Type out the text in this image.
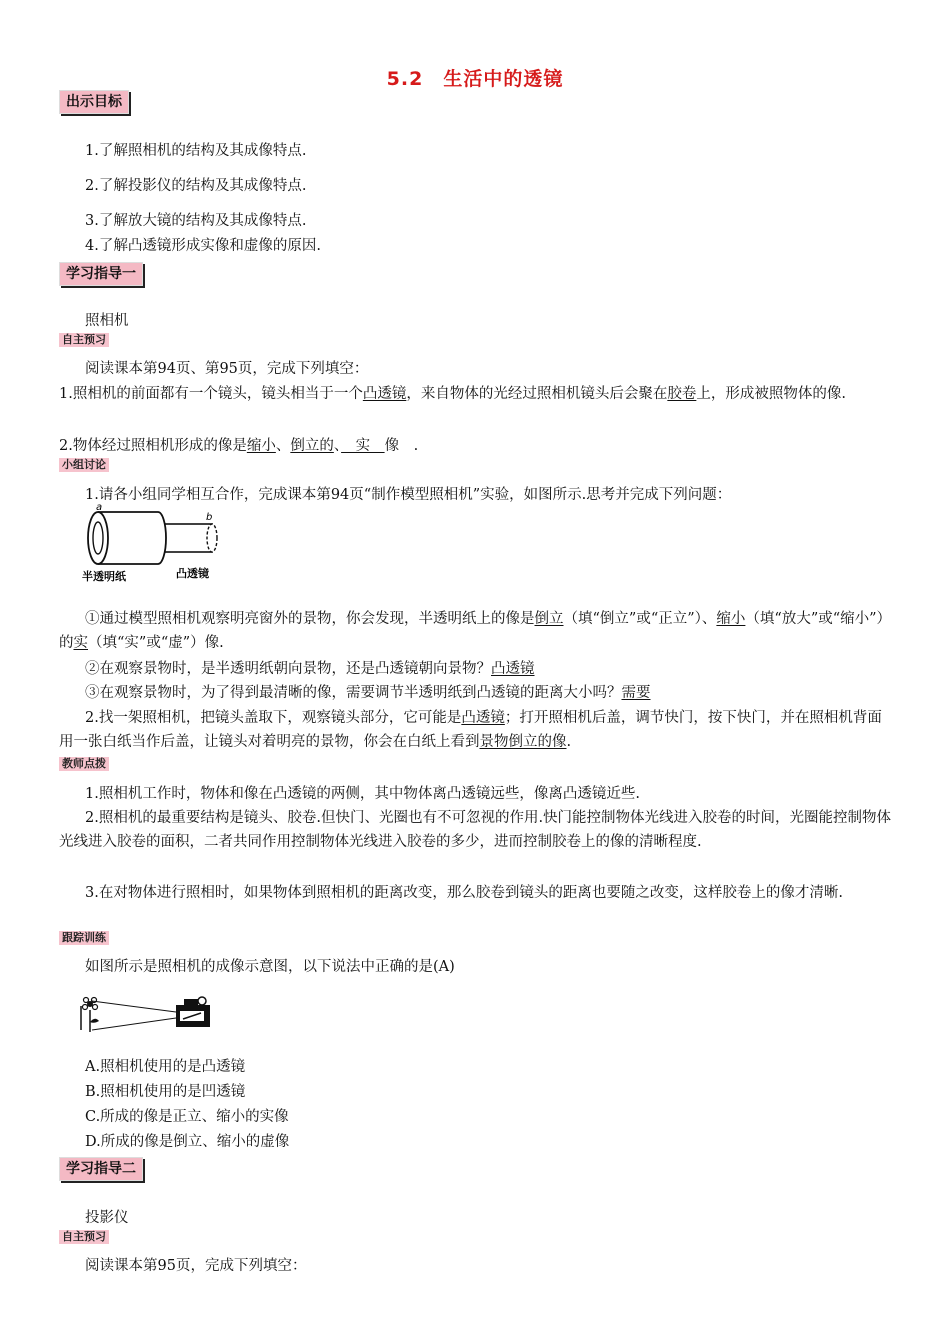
5.2　生活中的透镜
出示目标
1.了解照相机的结构及其成像特点.
2.了解投影仪的结构及其成像特点.
3.了解放大镜的结构及其成像特点.
4.了解凸透镜形成实像和虚像的原因.
学习指导一
照相机
自主预习
阅读课本第94页、第95页，完成下列填空：
1.照相机的前面都有一个镜头，镜头相当于一个凸透镜，来自物体的光经过照相机镜头后会聚在胶卷上，形成被照物体的像.
2.物体经过照相机形成的像是缩小、倒立的、　实　像　.
小组讨论
1.请各小组同学相互合作，完成课本第94页“制作模型照相机”实验，如图所示.思考并完成下列问题：
a
b
半透明纸	凸透镜
①通过模型照相机观察明亮窗外的景物，你会发现，半透明纸上的像是倒立（填“倒立”或“正立”）、缩小（填“放大”或“缩小”）的实（填“实”或“虚”）像.
②在观察景物时，是半透明纸朝向景物，还是凸透镜朝向景物？凸透镜
③在观察景物时，为了得到最清晰的像，需要调节半透明纸到凸透镜的距离大小吗？需要
2.找一架照相机，把镜头盖取下，观察镜头部分，它可能是凸透镜；打开照相机后盖，调节快门，按下快门，并在照相机背面用一张白纸当作后盖，让镜头对着明亮的景物，你会在白纸上看到景物倒立的像.
教师点拨
1.照相机工作时，物体和像在凸透镜的两侧，其中物体离凸透镜远些，像离凸透镜近些.
2.照相机的最重要结构是镜头、胶卷.但快门、光圈也有不可忽视的作用.快门能控制物体光线进入胶卷的时间，光圈能控制物体光线进入胶卷的面积，二者共同作用控制物体光线进入胶卷的多少，进而控制胶卷上的像的清晰程度.
3.在对物体进行照相时，如果物体到照相机的距离改变，那么胶卷到镜头的距离也要随之改变，这样胶卷上的像才清晰.
跟踪训练
如图所示是照相机的成像示意图，以下说法中正确的是(A)
A.照相机使用的是凸透镜
B.照相机使用的是凹透镜
C.所成的像是正立、缩小的实像
D.所成的像是倒立、缩小的虚像
学习指导二
投影仪
自主预习
阅读课本第95页，完成下列填空：
